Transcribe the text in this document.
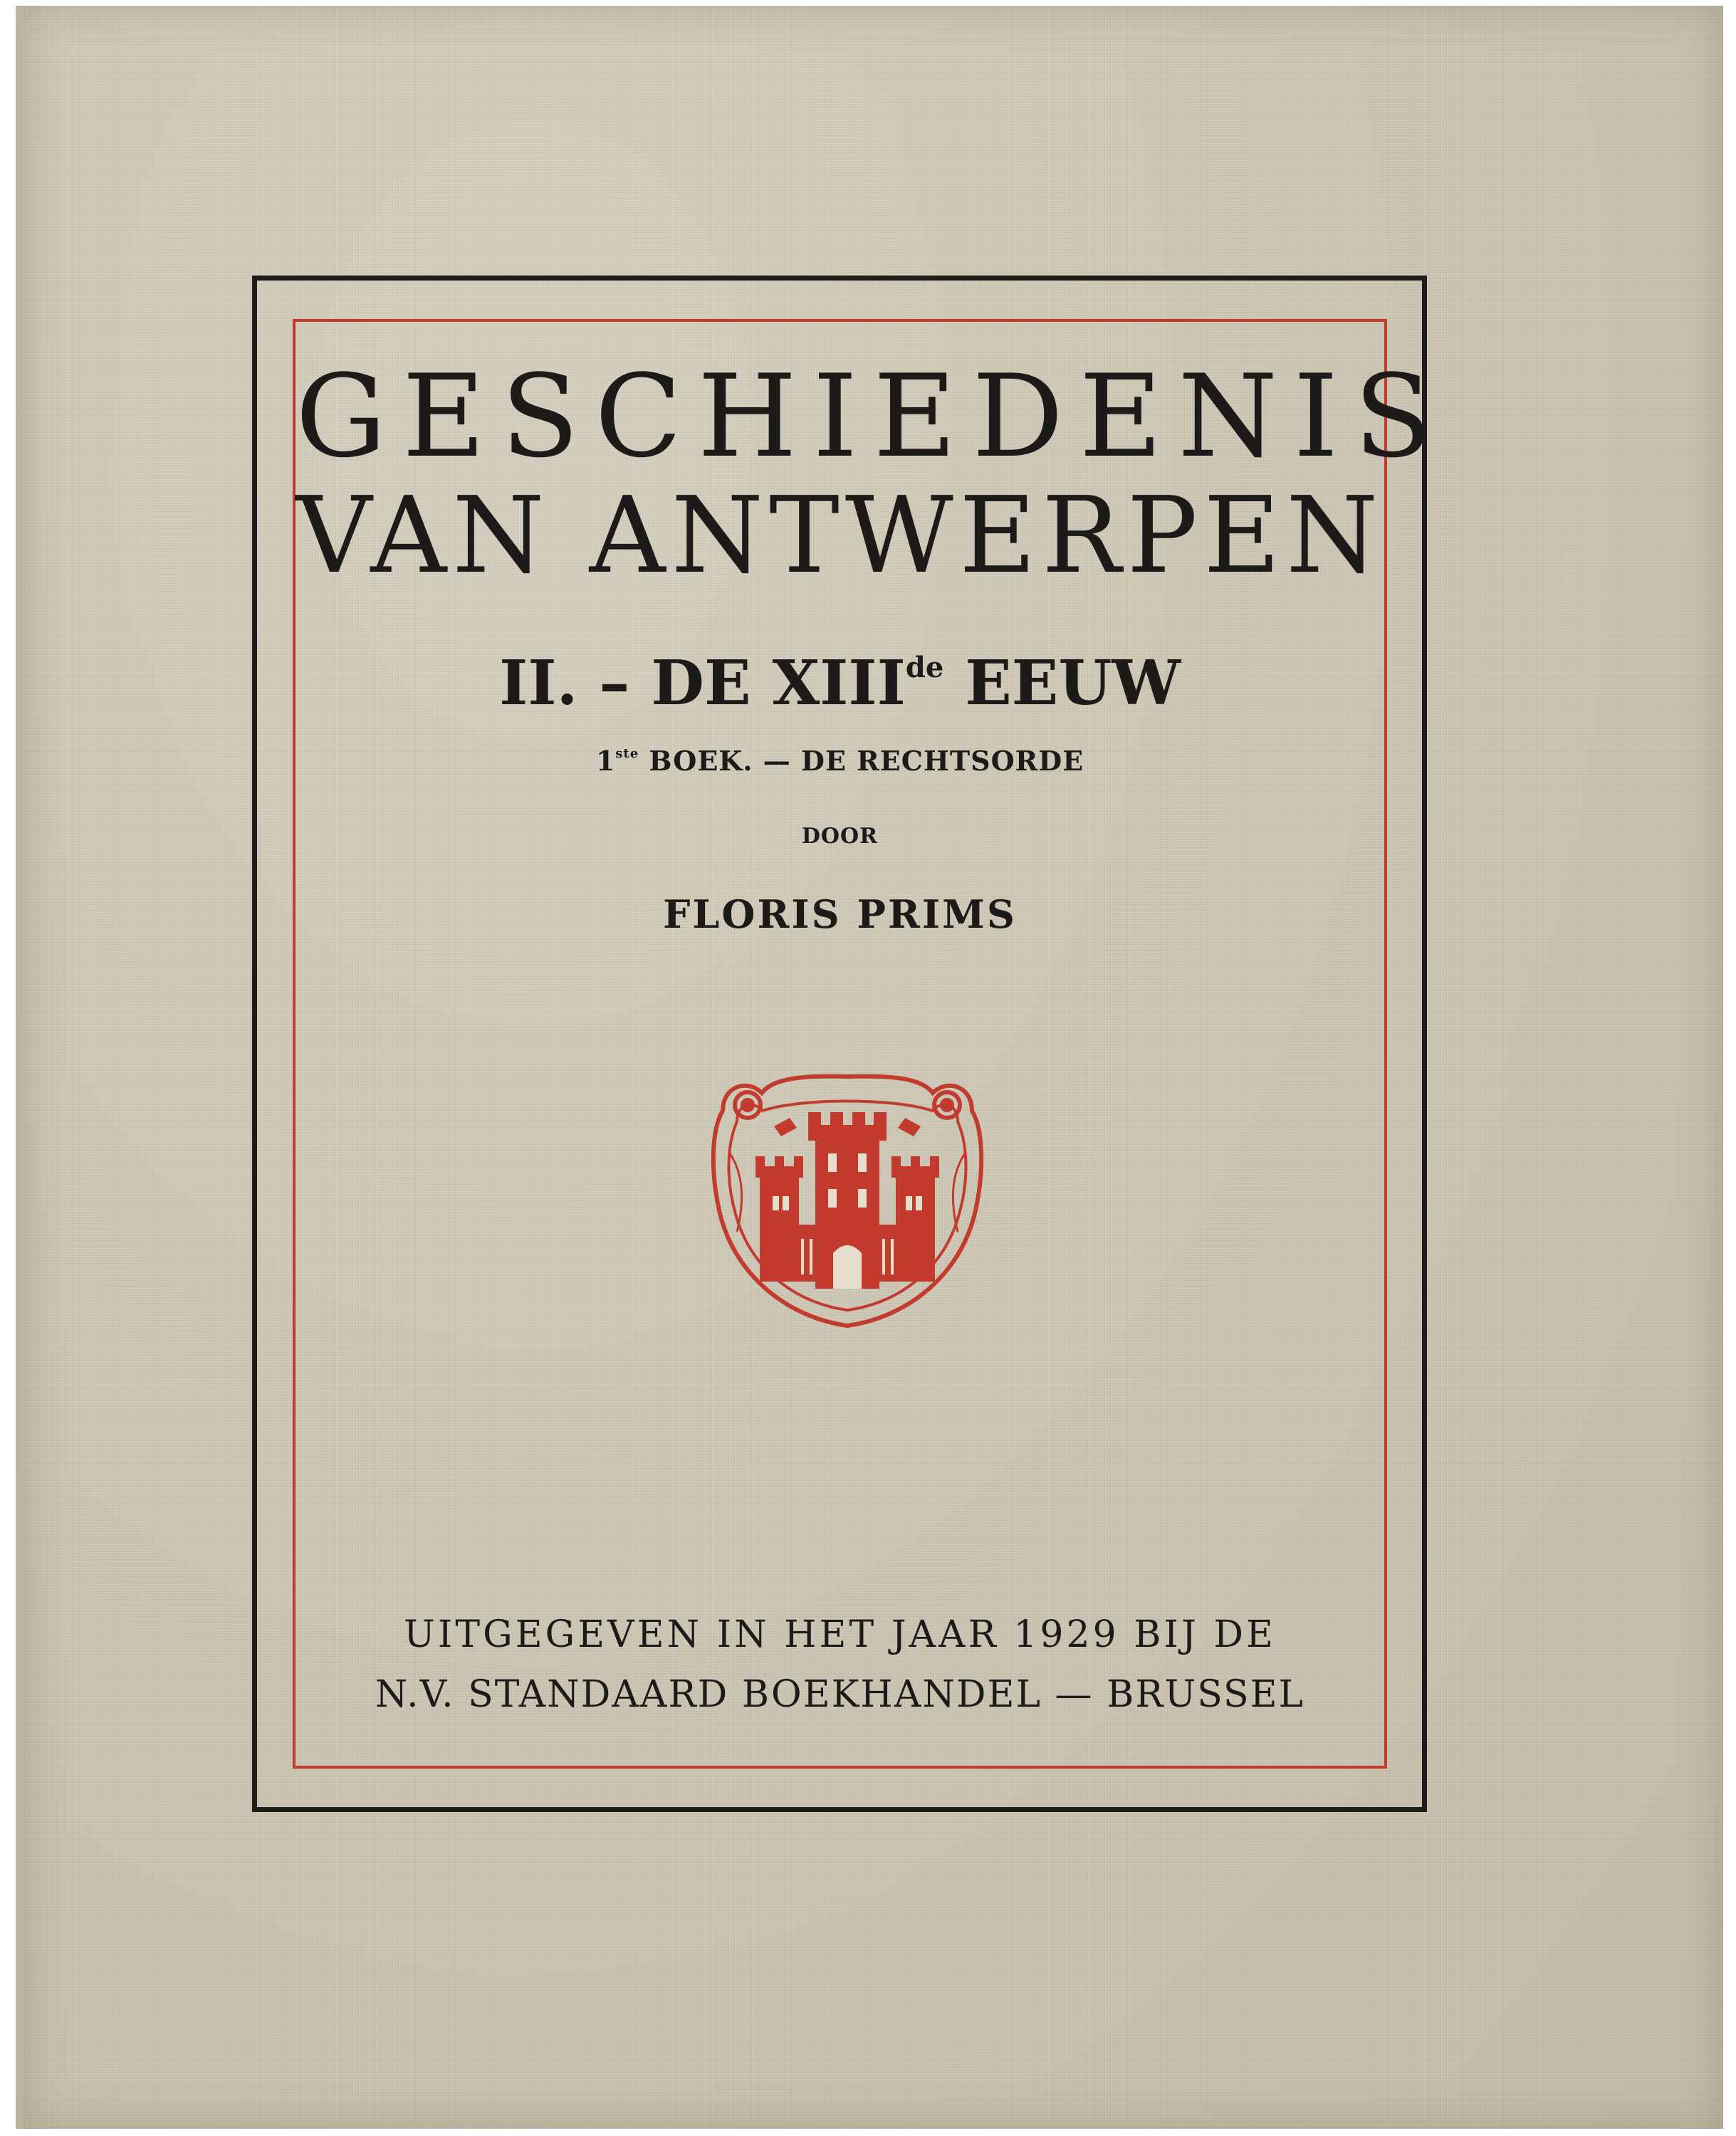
GESCHIEDENIS
VAN ANTWERPEN
II. – DE XIIIde EEUW
1ste BOEK. — DE RECHTSORDE
DOOR
FLORIS PRIMS
UITGEGEVEN IN HET JAAR 1929 BIJ DE
N.V. STANDAARD BOEKHANDEL — BRUSSEL
